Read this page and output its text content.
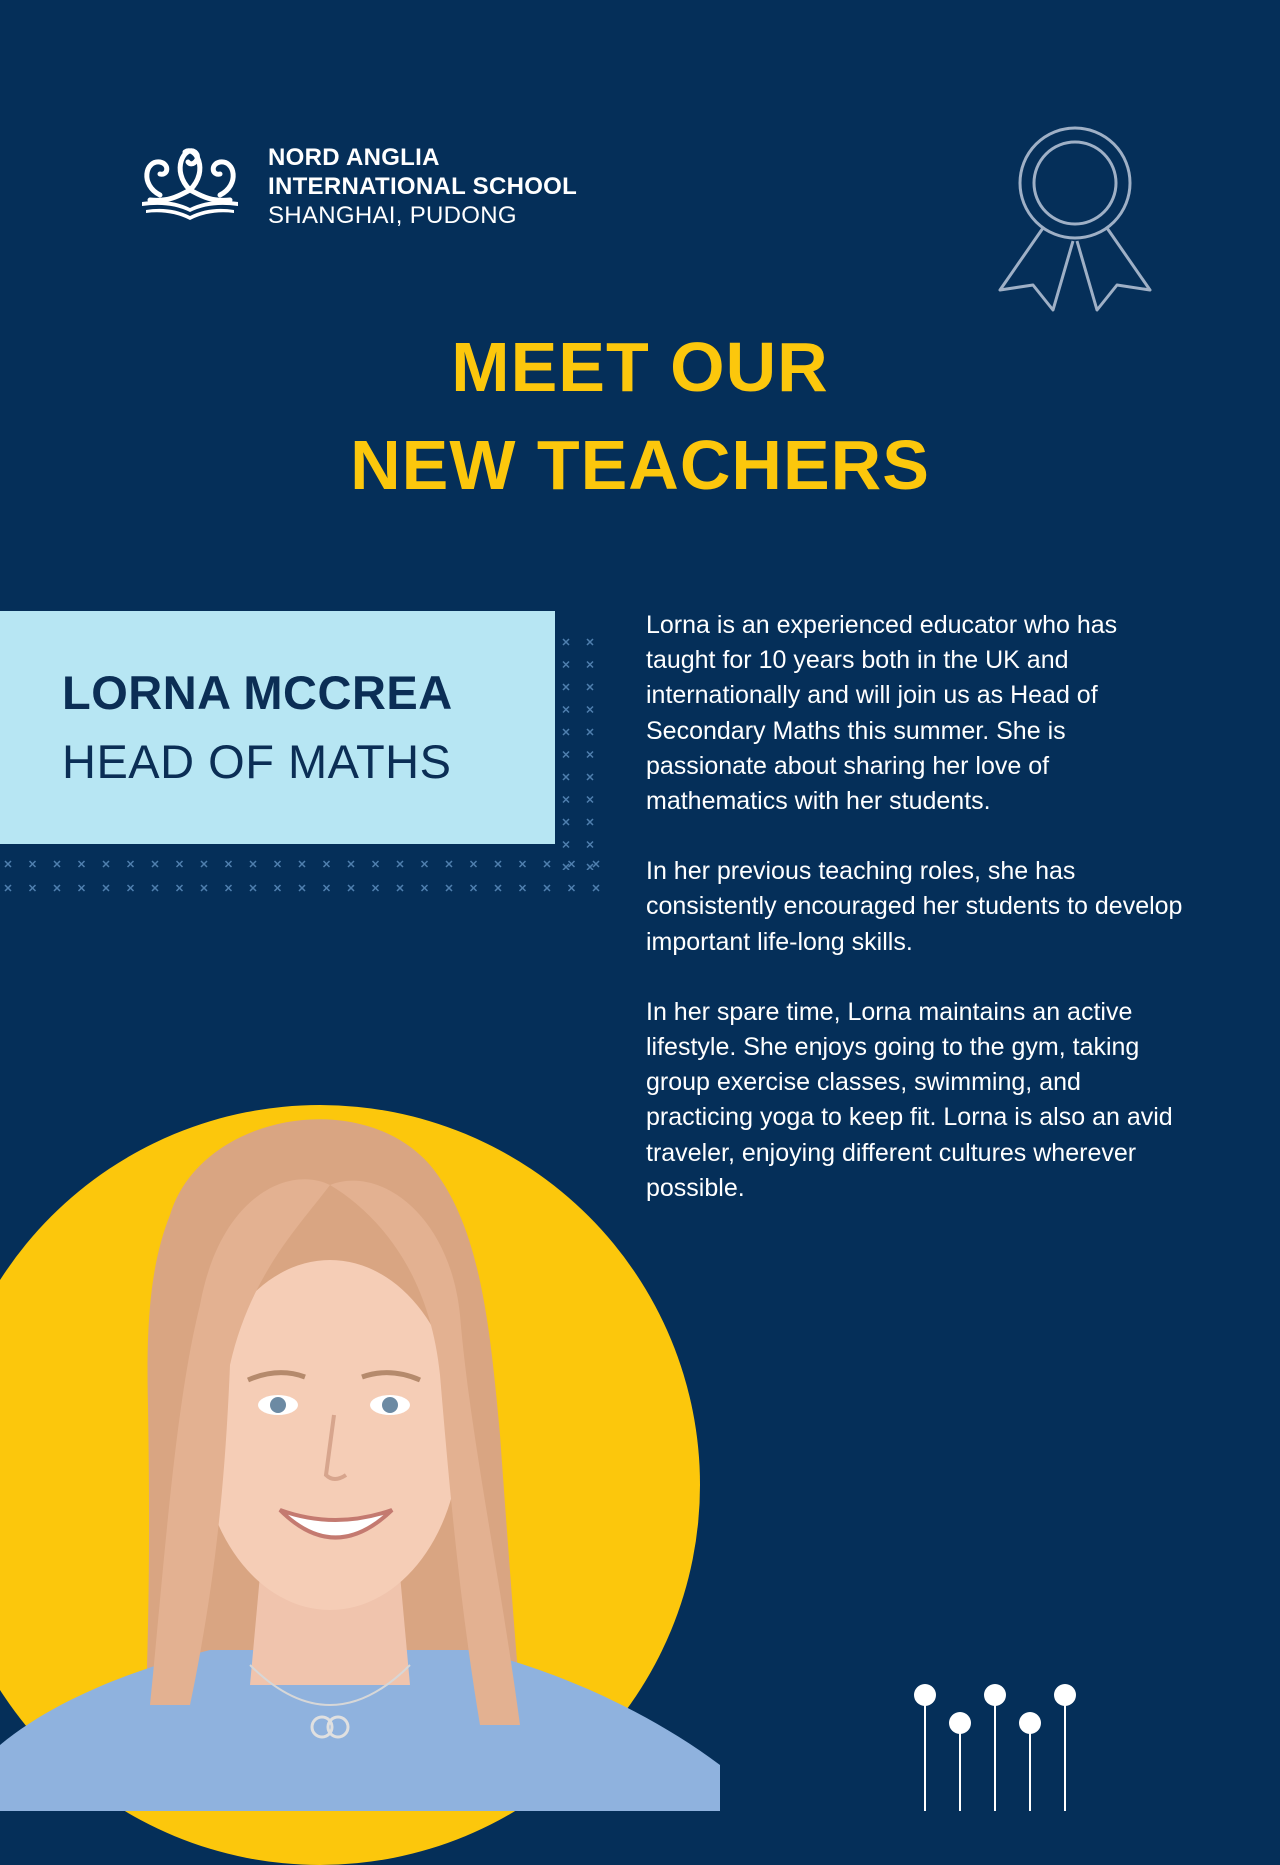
NORD ANGLIA
INTERNATIONAL SCHOOL
SHANGHAI, PUDONG
MEET OUR
NEW TEACHERS
LORNA MCCREA
HEAD OF MATHS

Lorna is an experienced educator who has taught for 10 years both in the UK and internationally and will join us as Head of Secondary Maths this summer. She is passionate about sharing her love of mathematics with her students.

In her previous teaching roles, she has consistently encouraged her students to develop important life-long skills.

In her spare time, Lorna maintains an active lifestyle. She enjoys going to the gym, taking group exercise classes, swimming, and practicing yoga to keep fit. Lorna is also an avid traveler, enjoying different cultures wherever possible.
